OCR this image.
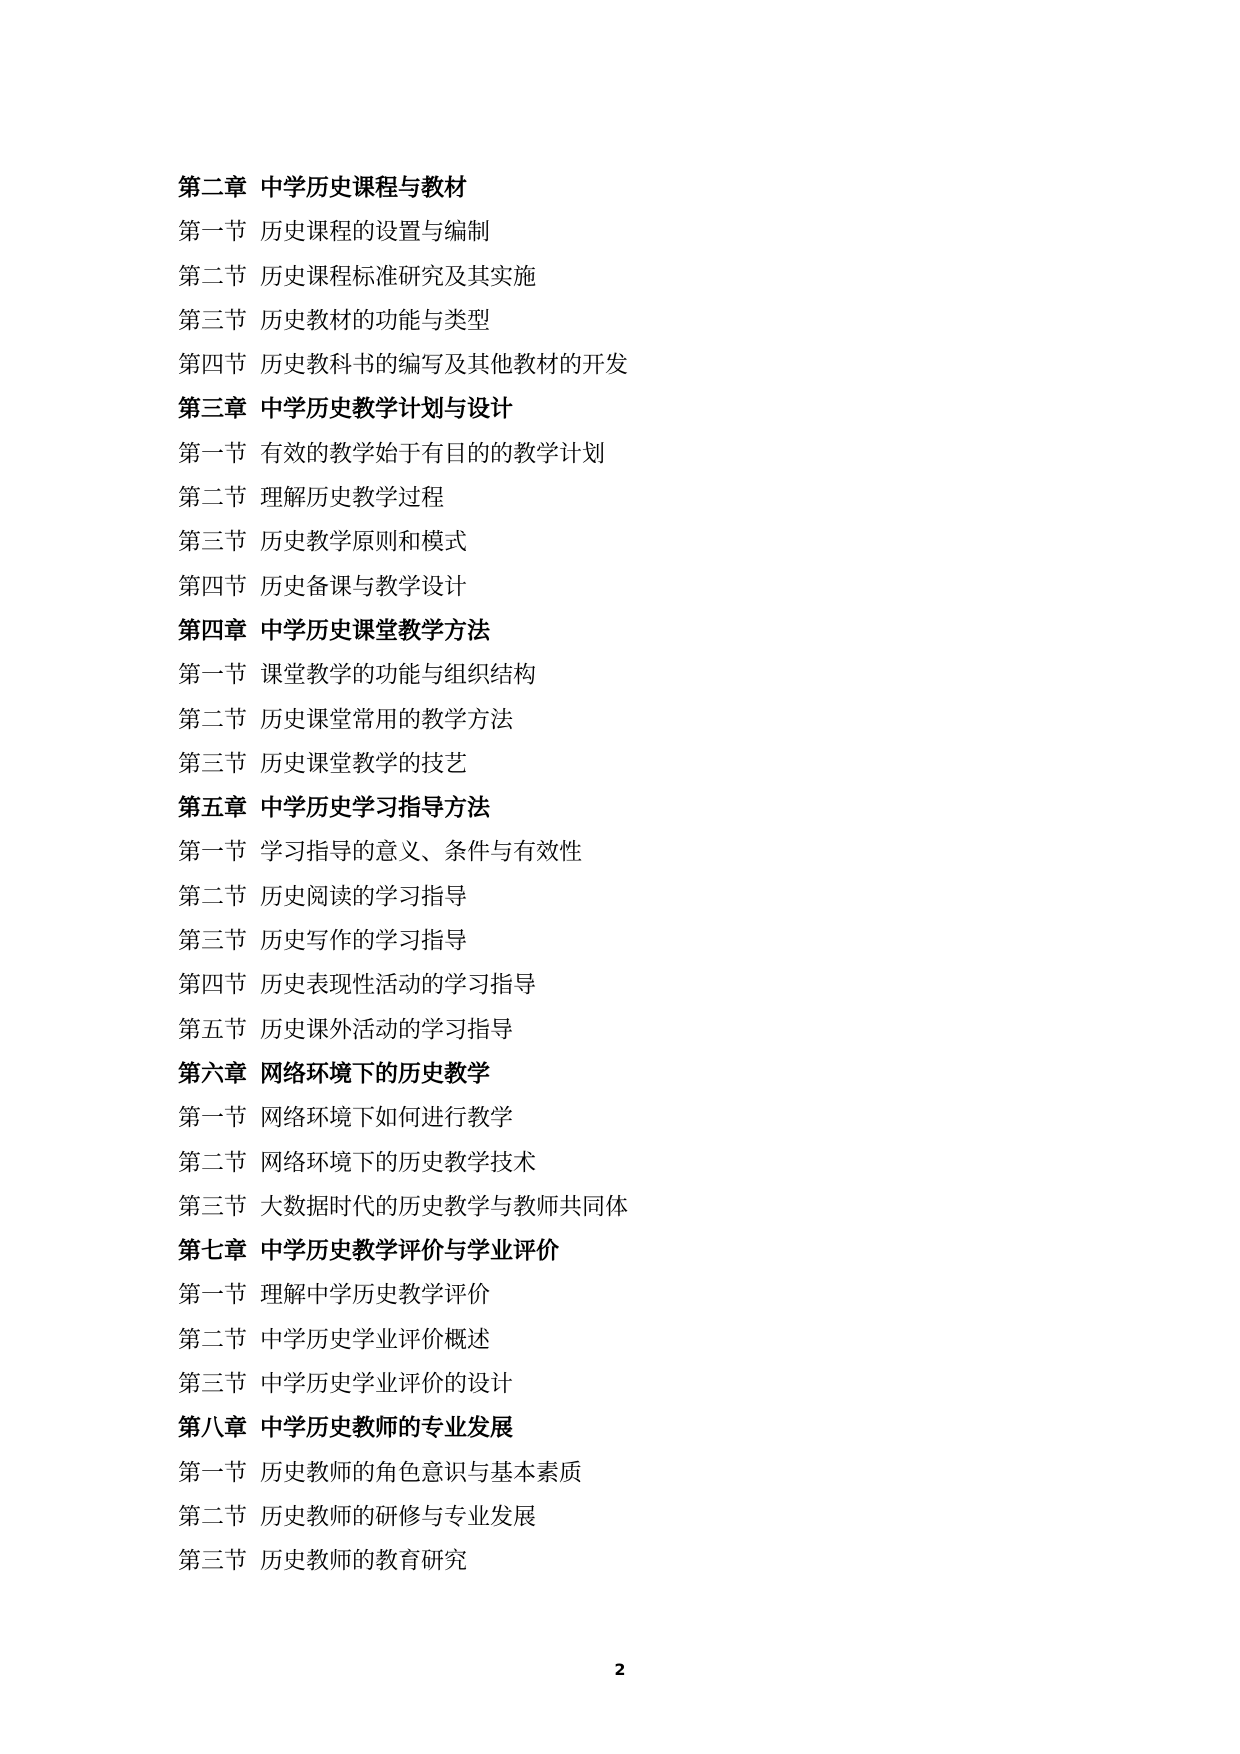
第二章 中学历史课程与教材
第一节 历史课程的设置与编制
第二节 历史课程标准研究及其实施
第三节 历史教材的功能与类型
第四节 历史教科书的编写及其他教材的开发
第三章 中学历史教学计划与设计
第一节 有效的教学始于有目的的教学计划
第二节 理解历史教学过程
第三节 历史教学原则和模式
第四节 历史备课与教学设计
第四章 中学历史课堂教学方法
第一节 课堂教学的功能与组织结构
第二节 历史课堂常用的教学方法
第三节 历史课堂教学的技艺
第五章 中学历史学习指导方法
第一节 学习指导的意义、条件与有效性
第二节 历史阅读的学习指导
第三节 历史写作的学习指导
第四节 历史表现性活动的学习指导
第五节 历史课外活动的学习指导
第六章 网络环境下的历史教学
第一节 网络环境下如何进行教学
第二节 网络环境下的历史教学技术
第三节 大数据时代的历史教学与教师共同体
第七章 中学历史教学评价与学业评价
第一节 理解中学历史教学评价
第二节 中学历史学业评价概述
第三节 中学历史学业评价的设计
第八章 中学历史教师的专业发展
第一节 历史教师的角色意识与基本素质
第二节 历史教师的研修与专业发展
第三节 历史教师的教育研究
2
